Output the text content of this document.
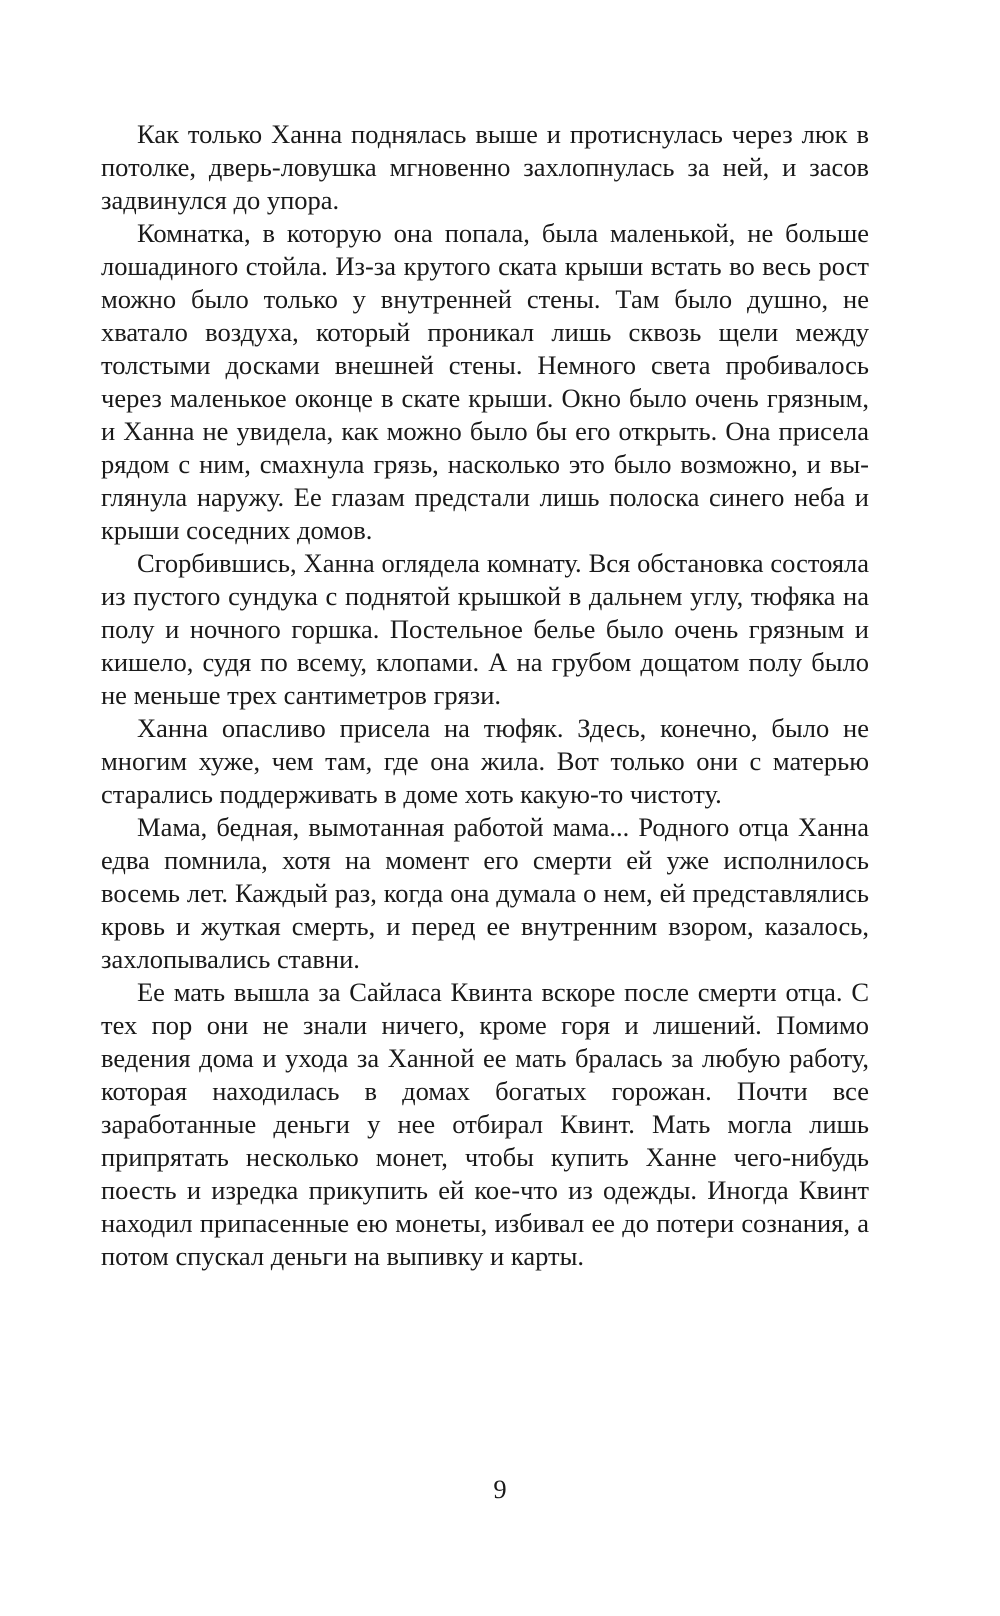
Как только Ханна поднялась выше и протиснулась через люк в потолке, дверь-ловушка мгновенно захлопнулась за ней, и засов задвинулся до упора.

Комнатка, в которую она попала, была маленькой, не больше лошадиного стойла. Из-за крутого ската крыши встать во весь рост можно было только у внутренней стены. Там было душно, не хватало воздуха, который проникал лишь сквозь щели между толстыми досками внешней стены. Немного света пробивалось через маленькое оконце в скате крыши. Окно было очень грязным, и Ханна не увидела, как можно было бы его открыть. Она присела рядом с ним, смахнула грязь, насколько это было возможно, и выглянула наружу. Ее глазам предстали лишь полоска синего неба и крыши соседних домов.

Сгорбившись, Ханна оглядела комнату. Вся обстановка состояла из пустого сундука с поднятой крышкой в дальнем углу, тюфяка на полу и ночного горшка. Постельное белье было очень грязным и кишело, судя по всему, клопами. А на грубом дощатом полу было не меньше трех сантиметров грязи.

Ханна опасливо присела на тюфяк. Здесь, конечно, было не многим хуже, чем там, где она жила. Вот только они с матерью старались поддерживать в доме хоть какую-то чистоту.

Мама, бедная, вымотанная работой мама... Родного отца Ханна едва помнила, хотя на момент его смерти ей уже исполнилось восемь лет. Каждый раз, когда она думала о нем, ей представлялись кровь и жуткая смерть, и перед ее внутренним взором, казалось, захлопывались ставни.

Ее мать вышла за Сайласа Квинта вскоре после смерти отца. С тех пор они не знали ничего, кроме горя и лишений. Помимо ведения дома и ухода за Ханной ее мать бралась за любую работу, которая находилась в домах богатых горожан. Почти все заработанные деньги у нее отбирал Квинт. Мать могла лишь припрятать несколько монет, чтобы купить Ханне чего-нибудь поесть и изредка прикупить ей кое-что из одежды. Иногда Квинт находил припасенные ею монеты, избивал ее до потери сознания, а потом спускал деньги на выпивку и карты.

9
